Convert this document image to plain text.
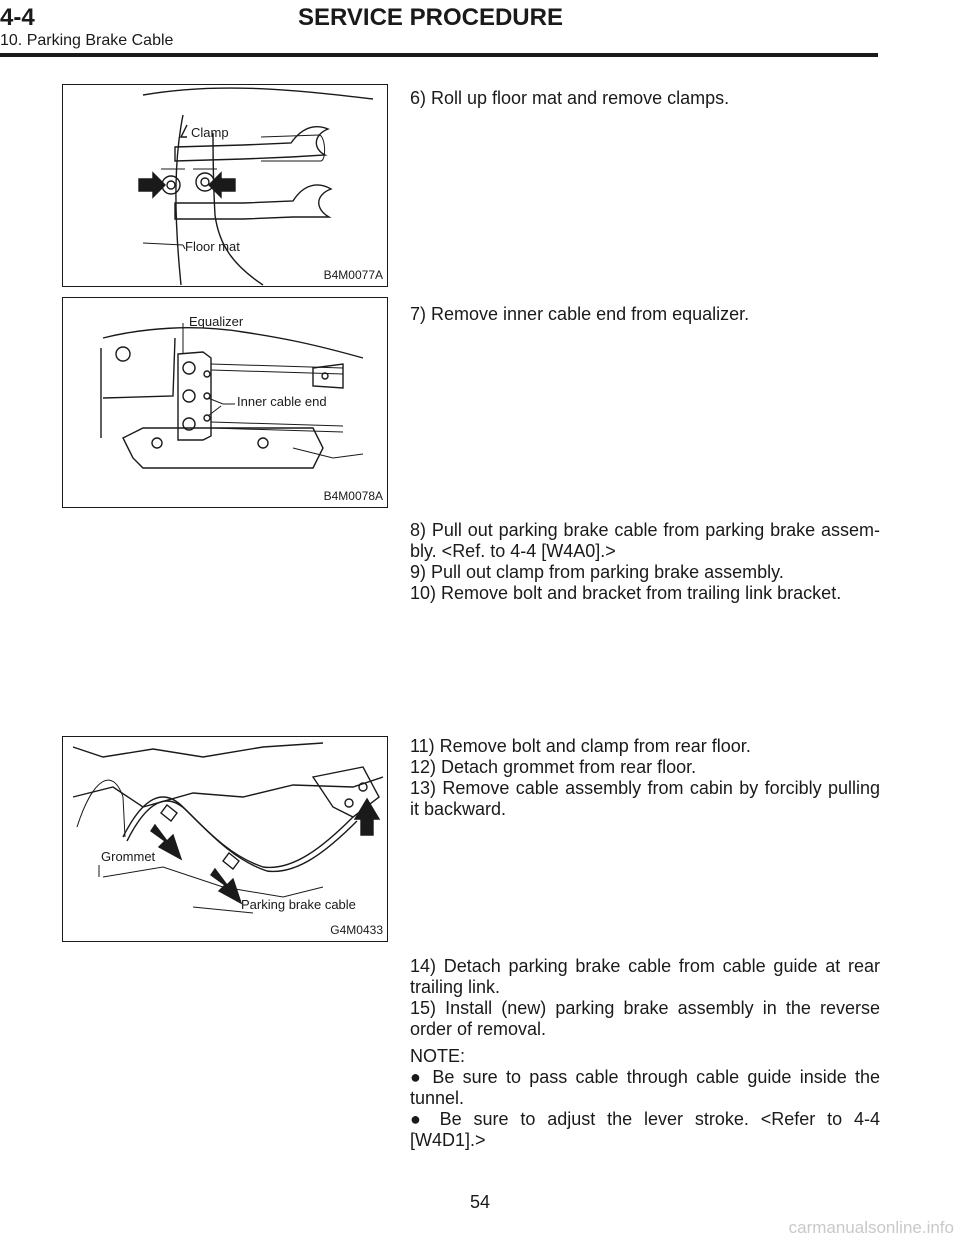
4-4	SERVICE PROCEDURE
10. Parking Brake Cable
Clamp
Floor mat
B4M0077A
Equalizer
Inner cable end
B4M0078A
Grommet
Parking brake cable
G4M0433

6) Roll up floor mat and remove clamps.

7) Remove inner cable end from equalizer.

8) Pull out parking brake cable from parking brake assem-

bly. <Ref. to 4-4 [W4A0].>

9) Pull out clamp from parking brake assembly.

10) Remove bolt and bracket from trailing link bracket.

11) Remove bolt and clamp from rear floor.

12) Detach grommet from rear floor.

13) Remove cable assembly from cabin by forcibly pulling

it backward.

14) Detach parking brake cable from cable guide at rear

trailing link.

15) Install (new) parking brake assembly in the reverse

order of removal.

NOTE:

● Be sure to pass cable through cable guide inside the

tunnel.

● Be sure to adjust the lever stroke. <Refer to 4-4

[W4D1].>

54
carmanualsonline.info
